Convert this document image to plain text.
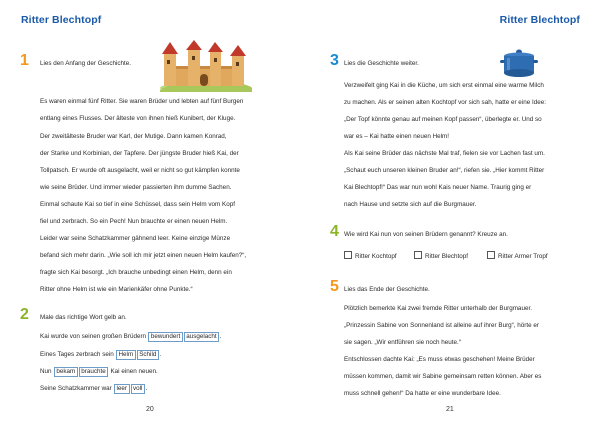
Ritter Blechtopf
1 Lies den Anfang der Geschichte.
Es waren einmal fünf Ritter. Sie waren Brüder und lebten auf fünf Burgen
entlang eines Flusses. Der älteste von ihnen hieß Kunibert, der Kluge.
Der zweitälteste Bruder war Karl, der Mutige. Dann kamen Konrad,
der Starke und Korbinian, der Tapfere. Der jüngste Bruder hieß Kai, der
Tollpatsch. Er wurde oft ausgelacht, weil er nicht so gut kämpfen konnte
wie seine Brüder. Und immer wieder passierten ihm dumme Sachen.
Einmal schaute Kai so tief in eine Schüssel, dass sein Helm vom Kopf
fiel und zerbrach. So ein Pech! Nun brauchte er einen neuen Helm.
Leider war seine Schatzkammer gähnend leer. Keine einzige Münze
befand sich mehr darin. „Wie soll ich mir jetzt einen neuen Helm kaufen?“,
fragte sich Kai besorgt. „Ich brauche unbedingt einen Helm, denn ein
Ritter ohne Helm ist wie ein Marienkäfer ohne Punkte.“
2 Male das richtige Wort gelb an.
Kai wurde von seinen großen Brüdern bewundert ausgelacht .
Eines Tages zerbrach sein Helm Schild .
Nun bekam brauchte Kai einen neuen.
Seine Schatzkammer war leer voll .
20
Ritter Blechtopf
3 Lies die Geschichte weiter.
Verzweifelt ging Kai in die Küche, um sich erst einmal eine warme Milch
zu machen. Als er seinen alten Kochtopf vor sich sah, hatte er eine Idee:
„Der Topf könnte genau auf meinen Kopf passen“, überlegte er. Und so
war es – Kai hatte einen neuen Helm!
Als Kai seine Brüder das nächste Mal traf, fielen sie vor Lachen fast um.
„Schaut euch unseren kleinen Bruder an!“, riefen sie. „Hier kommt Ritter
Kai Blechtopf!“ Das war nun wohl Kais neuer Name. Traurig ging er
nach Hause und setzte sich auf die Burgmauer.
4 Wie wird Kai nun von seinen Brüdern genannt? Kreuze an.
Ritter Kochtopf	Ritter Blechtopf	Ritter Armer Tropf
5 Lies das Ende der Geschichte.
Plötzlich bemerkte Kai zwei fremde Ritter unterhalb der Burgmauer.
„Prinzessin Sabine von Sonnenland ist alleine auf ihrer Burg“, hörte er
sie sagen. „Wir entführen sie noch heute.“
Entschlossen dachte Kai: „Es muss etwas geschehen! Meine Brüder
müssen kommen, damit wir Sabine gemeinsam retten können. Aber es
muss schnell gehen!“ Da hatte er eine wunderbare Idee.
21
